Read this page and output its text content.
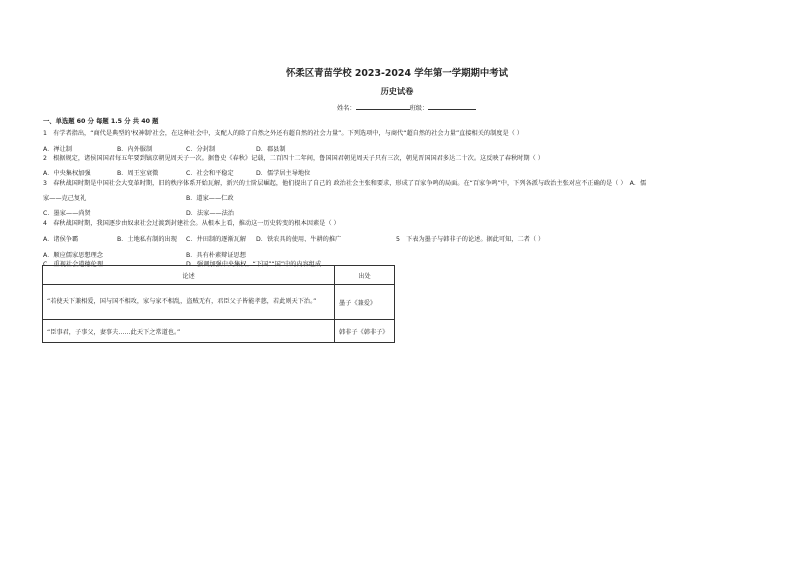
怀柔区青苗学校 2023-2024 学年第一学期期中考试
历史试卷
姓名：	班级：
一、单选题 60 分 每题 1.5 分 共 40 题
1　有学者指出，“商代是典型的'权神制'社会，在这种社会中，支配人的除了自然之外还有超自然的社会力量”。下列选项中，与商代“超自然的社会力量”直接相关的制度是（ ）
A．禅让制	B．内外服制	C．分封制	D．郡县制
2　根据规定，诸侯国国君每五年要到镐京朝见周天子一次。据鲁史《春秋》记载，二百四十二年间，鲁国国君朝见周天子只有三次，朝见晋国国君多达二十次。这反映了春秋时期（ ）
A．中央集权加强	B．周王室衰微	C．社会和平稳定	D．儒学居主导地位
3　春秋战国时期是中国社会大变革时期，旧的秩序体系开始瓦解，新兴的士阶层崛起，他们提出了自己的 政治社会主张和要求，形成了百家争鸣的局面。在“百家争鸣”中，下列各派与政治主张对应不正确的是（ ）　A．儒
家——克己复礼	B．道家——仁政
C．墨家——尚贤	D．法家——法治
4　春秋战国时期，我国逐步由奴隶社会过渡到封建社会。从根本上看，推动这一历史转变的根本因素是（ ）
A．诸侯争霸	B．土地私有制的出现 C．井田制的逐渐瓦解 D．铁农具的使用、牛耕的推广	5　下表为墨子与韩非子的论述。据此可知，二者（ ）
A．顺应儒家思想理念	B．具有朴素辩证思想
C．重视社会道德伦理	D．强调加强中央集权、“下国”“国”中的内容组成
论述	出处

“若使天下兼相爱，国与国不相攻，家与家不相乱，盗贼无有，君臣父子皆能孝慈，若此则天下治。”	墨子《兼爱》
“臣事君，子事父，妻事夫……此天下之常道也。”	韩非子《韩非子》
